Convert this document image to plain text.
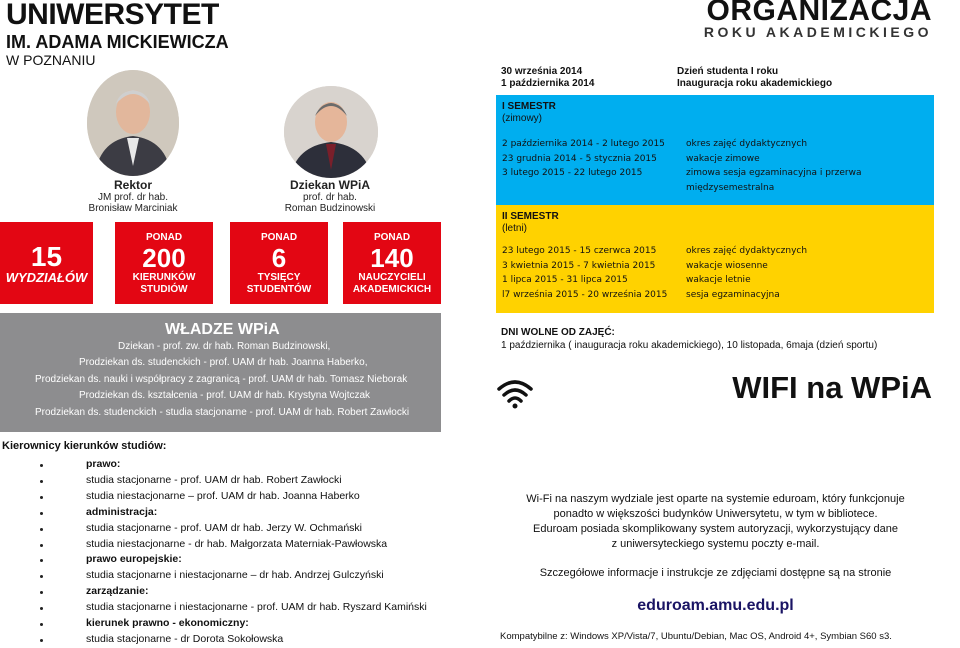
UNIWERSYTET
IM. ADAMA MICKIEWICZA
W POZNANIU
ORGANIZACJA
ROKU AKADEMICKIEGO
Rektor
JM prof. dr hab.
Bronisław Marciniak
Dziekan WPiA
prof. dr hab.
Roman Budzinowski
15
WYDZIAŁÓW
PONAD
200
KIERUNKÓW
STUDIÓW
PONAD
6
TYSIĘCY
STUDENTÓW
PONAD
140
NAUCZYCIELI
AKADEMICKICH
30 września 2014
1 października 2014
Dzień studenta I roku
Inauguracja roku akademickiego
I SEMESTR
(zimowy)
2 października 2014 - 2 lutego 2015
23 grudnia 2014 - 5 stycznia 2015
3 lutego 2015 - 22 lutego 2015
okres zajęć dydaktycznych
wakacje zimowe
zimowa sesja egzaminacyjna i przerwa
międzysemestralna
II SEMESTR
(letni)
23 lutego 2015 - 15 czerwca 2015
3 kwietnia 2015 - 7 kwietnia 2015
1 lipca 2015 - 31 lipca 2015
l7 września 2015 - 20 września 2015
okres zajęć dydaktycznych
wakacje wiosenne
wakacje letnie
sesja egzaminacyjna
WŁADZE WPiA
Dziekan - prof. zw. dr hab. Roman Budzinowski,
Prodziekan ds. studenckich - prof. UAM dr hab. Joanna Haberko,
Prodziekan ds. nauki i współpracy z zagranicą - prof. UAM dr hab. Tomasz Nieborak
Prodziekan ds. kształcenia - prof. UAM dr hab. Krystyna Wojtczak
Prodziekan ds. studenckich - studia stacjonarne - prof. UAM dr hab. Robert Zawłocki
DNI WOLNE OD ZAJĘĆ:
1 października ( inauguracja roku akademickiego), 10 listopada, 6maja (dzień sportu)
WIFI na WPiA
Wi-Fi na naszym wydziale jest oparte na systemie eduroam, który funkcjonuje
ponadto w większości budynków Uniwersytetu, w tym w bibliotece.
Eduroam posiada skomplikowany system autoryzacji, wykorzystujący dane
z uniwersyteckiego systemu poczty e-mail.
Szczegółowe informacje i instrukcje ze zdjęciami dostępne są na stronie
eduroam.amu.edu.pl
Kompatybilne z: Windows XP/Vista/7, Ubuntu/Debian, Mac OS, Android 4+, Symbian S60 s3.
Kierownicy kierunków studiów:
prawo:
studia stacjonarne - prof. UAM dr hab. Robert Zawłocki
studia niestacjonarne – prof. UAM dr hab. Joanna Haberko
administracja:
studia stacjonarne - prof. UAM dr hab. Jerzy W. Ochmański
studia niestacjonarne - dr hab. Małgorzata Materniak-Pawłowska
prawo europejskie:
studia stacjonarne i niestacjonarne – dr hab. Andrzej Gulczyński
zarządzanie:
studia stacjonarne i niestacjonarne - prof. UAM dr hab. Ryszard Kamiński
kierunek prawno - ekonomiczny:
studia stacjonarne - dr Dorota Sokołowska
